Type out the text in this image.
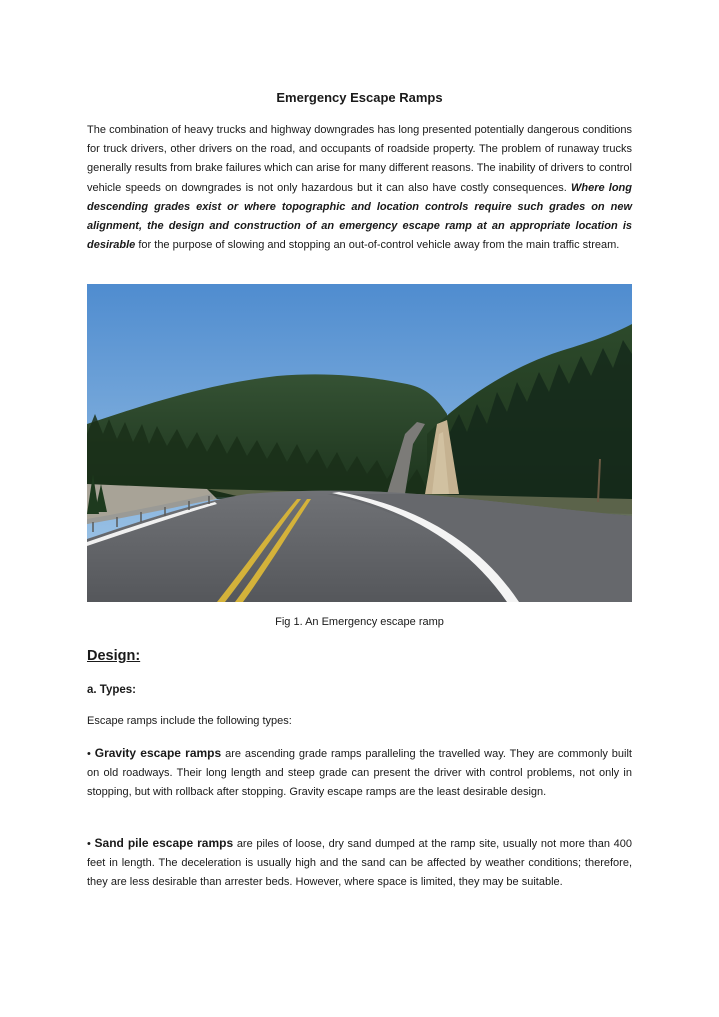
Emergency Escape Ramps

The combination of heavy trucks and highway downgrades has long presented potentially dangerous conditions for truck drivers, other drivers on the road, and occupants of roadside property. The problem of runaway trucks generally results from brake failures which can arise for many different reasons. The inability of drivers to control vehicle speeds on downgrades is not only hazardous but it can also have costly consequences. Where long descending grades exist or where topographic and location controls require such grades on new alignment, the design and construction of an emergency escape ramp at an appropriate location is desirable for the purpose of slowing and stopping an out-of-control vehicle away from the main traffic stream.

Fig 1. An Emergency escape ramp

Design:
a. Types:

Escape ramps include the following types:

• Gravity escape ramps are ascending grade ramps paralleling the travelled way. They are commonly built on old roadways. Their long length and steep grade can present the driver with control problems, not only in stopping, but with rollback after stopping. Gravity escape ramps are the least desirable design.

• Sand pile escape ramps are piles of loose, dry sand dumped at the ramp site, usually not more than 400 feet in length. The deceleration is usually high and the sand can be affected by weather conditions; therefore, they are less desirable than arrester beds. However, where space is limited, they may be suitable.
